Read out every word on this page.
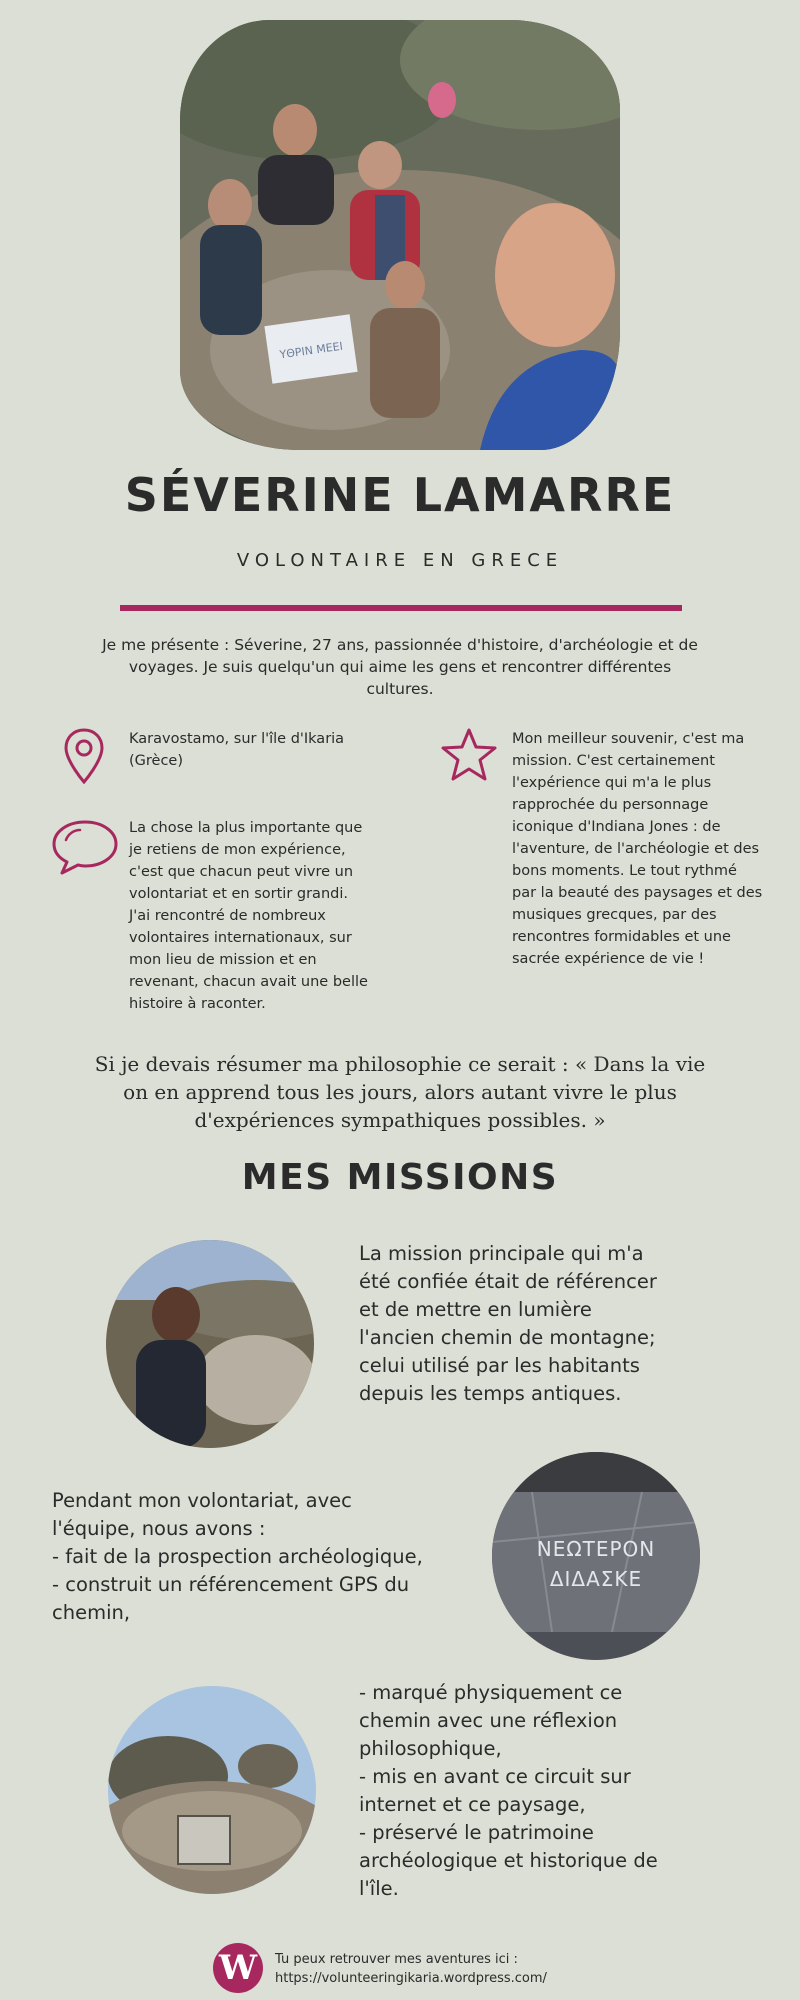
ΥΘΡΙΝ ΜΕΕΙ
SÉVERINE LAMARRE
VOLONTAIRE EN GRECE
Je me présente : Séverine, 27 ans, passionnée d'histoire, d'archéologie et de voyages. Je suis quelqu'un qui aime les gens et rencontrer différentes cultures.
Karavostamo, sur l'île d'Ikaria
(Grèce)
La chose la plus importante que
je retiens de mon expérience,
c'est que chacun peut vivre un
volontariat et en sortir grandi.
J'ai rencontré de nombreux
volontaires internationaux, sur
mon lieu de mission et en
revenant, chacun avait une belle
histoire à raconter.
Mon meilleur souvenir, c'est ma
mission. C'est certainement
l'expérience qui m'a le plus
rapprochée du personnage
iconique d'Indiana Jones : de
l'aventure, de l'archéologie et des
bons moments. Le tout rythmé
par la beauté des paysages et des
musiques grecques, par des
rencontres formidables et une
sacrée expérience de vie !
Si je devais résumer ma philosophie ce serait : « Dans la vie
on en apprend tous les jours, alors autant vivre le plus
d'expériences sympathiques possibles. »
MES MISSIONS
La mission principale qui m'a
été confiée était de référencer
et de mettre en lumière
l'ancien chemin de montagne;
celui utilisé par les habitants
depuis les temps antiques.
Pendant mon volontariat, avec
l'équipe, nous avons :
- fait de la prospection archéologique,
- construit un référencement GPS du
chemin,
ΝΕΩΤΕΡΟΝ
ΔΙΔΑΣΚΕ
- marqué physiquement ce
chemin avec une réflexion
philosophique,
- mis en avant ce circuit sur
internet et ce paysage,
- préservé le patrimoine
archéologique et historique de
l'île.
W	Tu peux retrouver mes aventures ici :
https://volunteeringikaria.wordpress.com/
